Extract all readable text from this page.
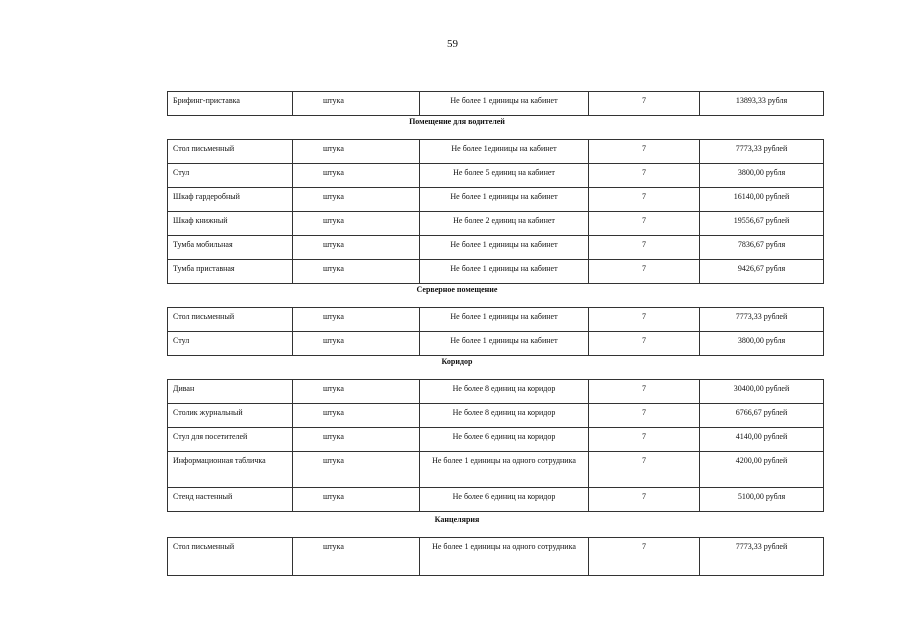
59
Брифинг-приставка	штука	Не более 1 единицы на кабинет	7	13893,33 рубля
Помещение для водителей
Стол письменный	штука	Не более 1единицы на кабинет	7	7773,33 рублей
Стул	штука	Не более 5 единиц на кабинет	7	3800,00 рубля
Шкаф гардеробный	штука	Не более 1 единицы на кабинет	7	16140,00 рублей
Шкаф книжный	штука	Не более 2 единиц на кабинет	7	19556,67 рублей
Тумба мобильная	штука	Не более 1 единицы на кабинет	7	7836,67 рубля
Тумба приставная	штука	Не более 1 единицы на кабинет	7	9426,67 рубля
Серверное помещение
Стол письменный	штука	Не более 1 единицы на кабинет	7	7773,33 рублей
Стул	штука	Не более 1 единицы на кабинет	7	3800,00 рубля
Коридор
Диван	штука	Не более 8 единиц на коридор	7	30400,00 рублей
Столик журнальный	штука	Не более 8 единиц на коридор	7	6766,67 рублей
Стул для посетителей	штука	Не более 6 единиц на коридор	7	4140,00 рублей
Информационная табличка	штука	Не более 1 единицы на одного сотрудника	7	4200,00 рублей
Стенд настенный	штука	Не более 6 единиц на коридор	7	5100,00 рубля
Канцелярия
Стол письменный	штука	Не более 1 единицы на одного сотрудника	7	7773,33 рублей
